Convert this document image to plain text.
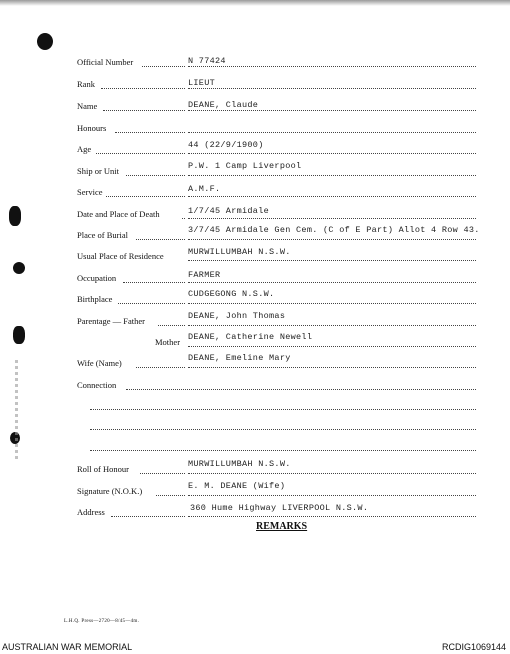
Official Number	N 77424
Rank	LIEUT
Name	DEANE, Claude
Honours
Age	44 (22/9/1900)
Ship or Unit	P.W. 1 Camp Liverpool
Service	A.M.F.
Date and Place of Death	1/7/45 Armidale
Place of Burial	3/7/45 Armidale Gen Cem. (C of E Part) Allot 4 Row 43.
Usual Place of Residence	MURWILLUMBAH N.S.W.
Occupation	FARMER
Birthplace	CUDGEGONG N.S.W.
Parentage — Father	DEANE, John Thomas
Mother DEANE, Catherine Newell
Wife (Name)	DEANE, Emeline Mary
Connection
Roll of Honour	MURWILLUMBAH N.S.W.
Signature (N.O.K.)	E. M. DEANE (Wife)
Address	360 Hume Highway LIVERPOOL N.S.W.
REMARKS
L.H.Q. Press—2720—8/45—4m.
AUSTRALIAN WAR MEMORIAL	RCDIG1069144
